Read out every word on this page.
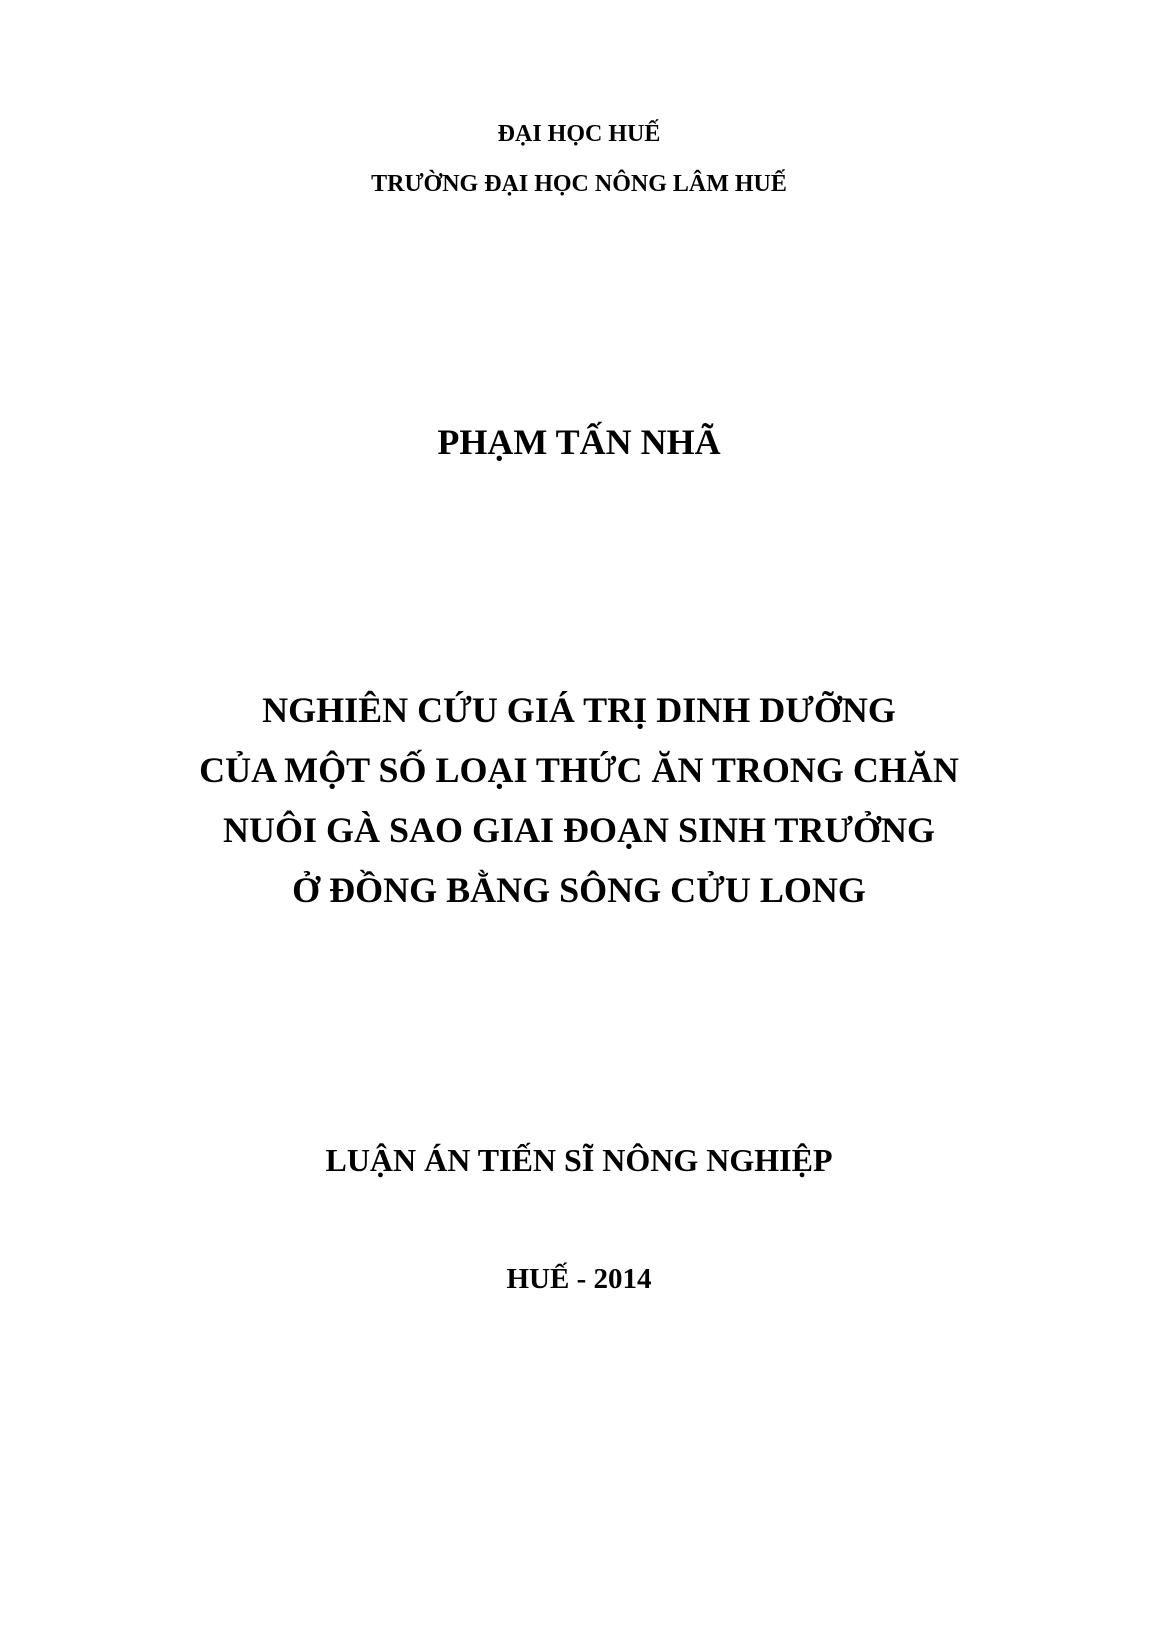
ĐẠI HỌC HUẾ
TRƯỜNG ĐẠI HỌC NÔNG LÂM HUẾ
PHẠM TẤN NHÃ
NGHIÊN CỨU GIÁ TRỊ DINH DƯỠNG
CỦA MỘT SỐ LOẠI THỨC ĂN TRONG CHĂN
NUÔI GÀ SAO GIAI ĐOẠN SINH TRƯỞNG
Ở ĐỒNG BẰNG SÔNG CỬU LONG
LUẬN ÁN TIẾN SĨ NÔNG NGHIỆP
HUẾ - 2014
